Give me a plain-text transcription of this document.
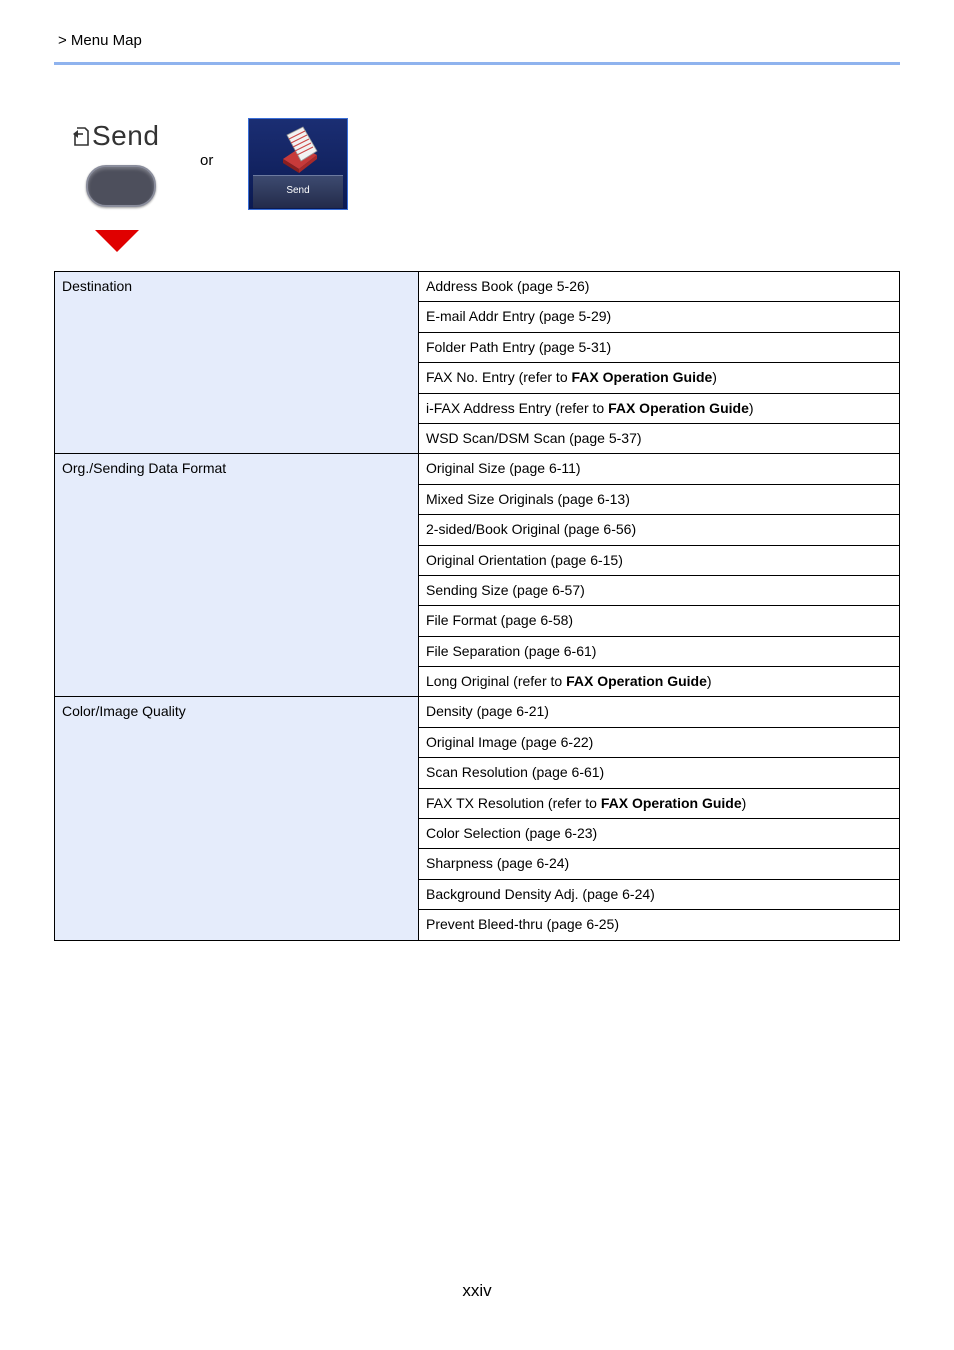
> Menu Map
Send
or
Send
Destination	Address Book (page 5-26)
	E-mail Addr Entry (page 5-29)
	Folder Path Entry (page 5-31)
	FAX No. Entry (refer to FAX Operation Guide)
	i-FAX Address Entry (refer to FAX Operation Guide)
	WSD Scan/DSM Scan (page 5-37)
Org./Sending Data Format	Original Size (page 6-11)
	Mixed Size Originals (page 6-13)
	2-sided/Book Original (page 6-56)
	Original Orientation (page 6-15)
	Sending Size (page 6-57)
	File Format (page 6-58)
	File Separation (page 6-61)
	Long Original (refer to FAX Operation Guide)
Color/Image Quality	Density (page 6-21)
	Original Image (page 6-22)
	Scan Resolution (page 6-61)
	FAX TX Resolution (refer to FAX Operation Guide)
	Color Selection (page 6-23)
	Sharpness (page 6-24)
	Background Density Adj. (page 6-24)
	Prevent Bleed-thru (page 6-25)
xxiv
